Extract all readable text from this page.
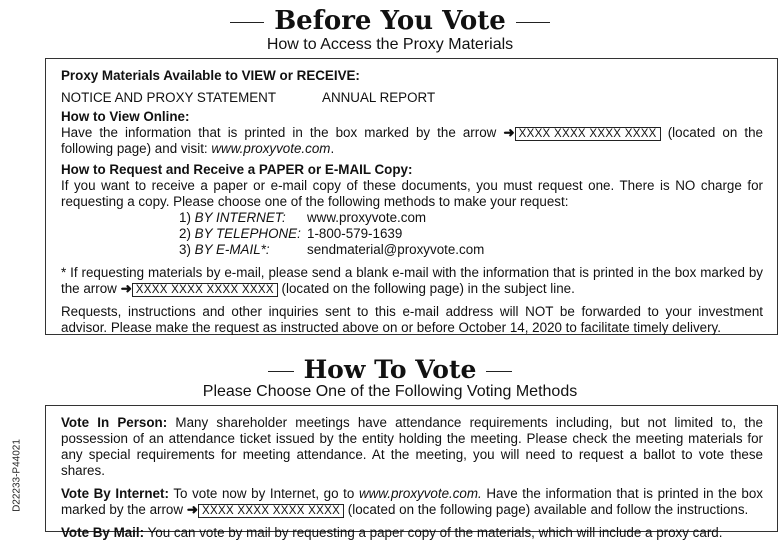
Before You Vote
How to Access the Proxy Materials

Proxy Materials Available to VIEW or RECEIVE:

NOTICE AND PROXY STATEMENT	ANNUAL REPORT

How to View Online:

Have the information that is printed in the box marked by the arrow ➜ XXXX XXXX XXXX XXXX (located on the following page) and visit: www.proxyvote.com.

How to Request and Receive a PAPER or E-MAIL Copy:

If you want to receive a paper or e-mail copy of these documents, you must request one. There is NO charge for requesting a copy. Please choose one of the following methods to make your request:

1) BY INTERNET:	www.proxyvote.com
2) BY TELEPHONE: 1-800-579-1639
3) BY E-MAIL*:	sendmaterial@proxyvote.com

* If requesting materials by e-mail, please send a blank e-mail with the information that is printed in the box marked by the arrow ➜ XXXX XXXX XXXX XXXX (located on the following page) in the subject line.

Requests, instructions and other inquiries sent to this e-mail address will NOT be forwarded to your investment advisor. Please make the request as instructed above on or before October 14, 2020 to facilitate timely delivery.

How To Vote
Please Choose One of the Following Voting Methods

Vote In Person: Many shareholder meetings have attendance requirements including, but not limited to, the possession of an attendance ticket issued by the entity holding the meeting. Please check the meeting materials for any special requirements for meeting attendance. At the meeting, you will need to request a ballot to vote these shares.

Vote By Internet: To vote now by Internet, go to www.proxyvote.com. Have the information that is printed in the box marked by the arrow ➜ XXXX XXXX XXXX XXXX (located on the following page) available and follow the instructions.

Vote By Mail: You can vote by mail by requesting a paper copy of the materials, which will include a proxy card.

D22233-P44021
